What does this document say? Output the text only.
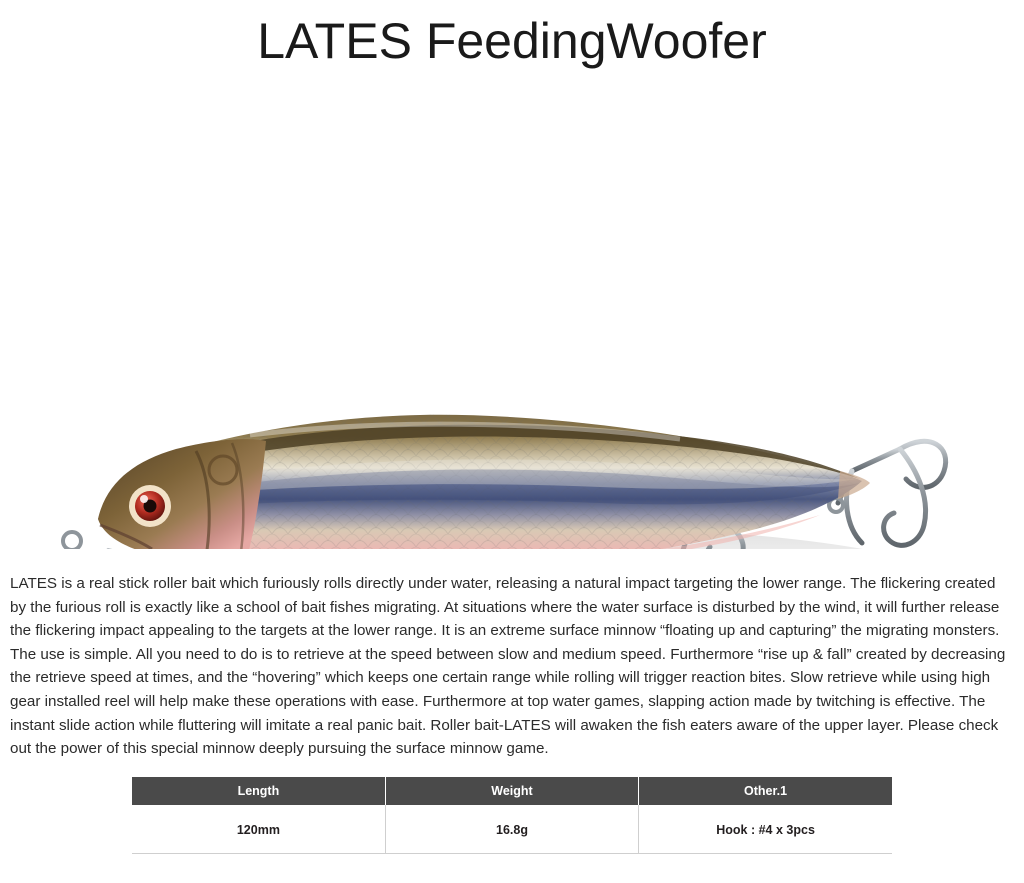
LATES FeedingWoofer

LATES is a real stick roller bait which furiously rolls directly under water, releasing a natural impact targeting the lower range. The flickering created by the furious roll is exactly like a school of bait fishes migrating. At situations where the water surface is disturbed by the wind, it will further release the flickering impact appealing to the targets at the lower range. It is an extreme surface minnow “floating up and capturing” the migrating monsters. The use is simple. All you need to do is to retrieve at the speed between slow and medium speed. Furthermore “rise up & fall” created by decreasing the retrieve speed at times, and the “hovering” which keeps one certain range while rolling will trigger reaction bites. Slow retrieve while using high gear installed reel will help make these operations with ease. Furthermore at top water games, slapping action made by twitching is effective. The instant slide action while fluttering will imitate a real panic bait. Roller bait-LATES will awaken the fish eaters aware of the upper layer. Please check out the power of this special minnow deeply pursuing the surface minnow game.

Length	Weight	Other.1
120mm	16.8g	Hook : #4 x 3pcs
